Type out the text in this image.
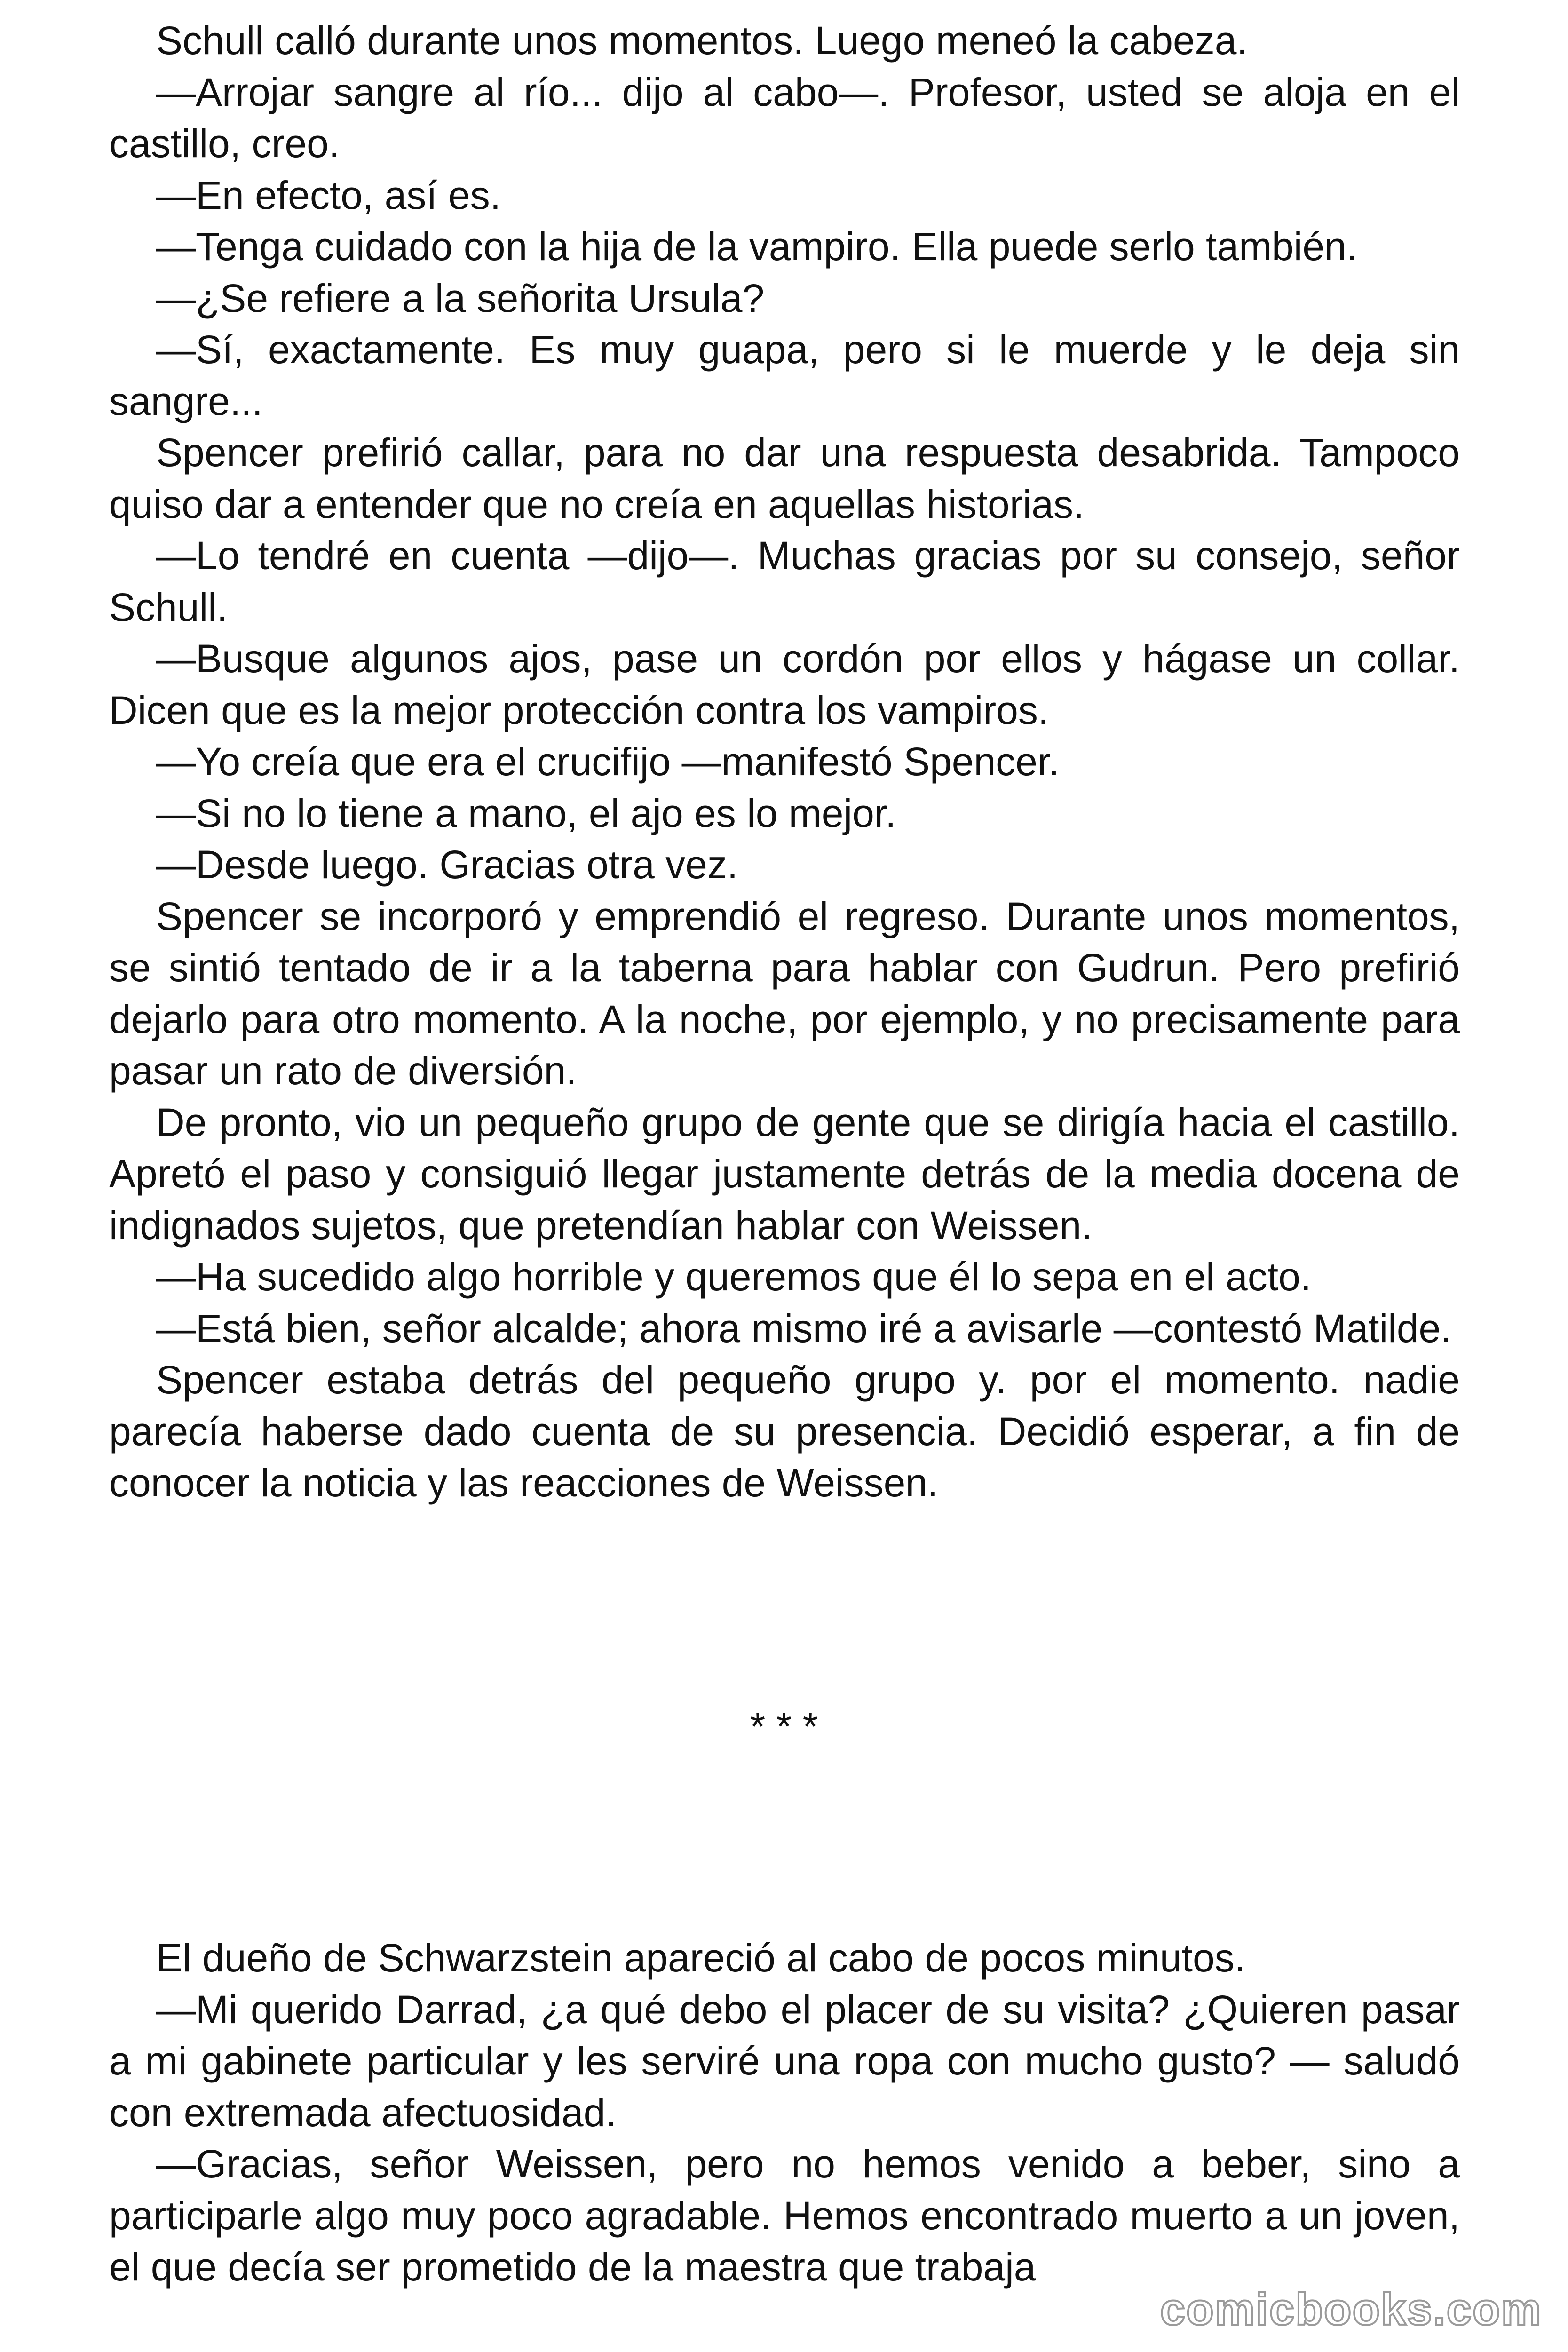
Schull calló durante unos momentos. Luego meneó la cabeza.

—Arrojar sangre al río... dijo al cabo—. Profesor, usted se aloja en el castillo, creo.

—En efecto, así es.

—Tenga cuidado con la hija de la vampiro. Ella puede serlo también.

—¿Se refiere a la señorita Ursula?

—Sí, exactamente. Es muy guapa, pero si le muerde y le deja sin sangre...

Spencer prefirió callar, para no dar una respuesta desabrida. Tampoco quiso dar a entender que no creía en aquellas historias.

—Lo tendré en cuenta —dijo—. Muchas gracias por su consejo, señor Schull.

—Busque algunos ajos, pase un cordón por ellos y hágase un collar. Dicen que es la mejor protección contra los vampiros.

—Yo creía que era el crucifijo —manifestó Spencer.

—Si no lo tiene a mano, el ajo es lo mejor.

—Desde luego. Gracias otra vez.

Spencer se incorporó y emprendió el regreso. Durante unos momentos, se sintió tentado de ir a la taberna para hablar con Gudrun. Pero prefirió dejarlo para otro momento. A la noche, por ejemplo, y no precisamente para pasar un rato de diversión.

De pronto, vio un pequeño grupo de gente que se dirigía hacia el castillo. Apretó el paso y consiguió llegar justamente detrás de la media docena de indignados sujetos, que pretendían hablar con Weissen.

—Ha sucedido algo horrible y queremos que él lo sepa en el acto.

—Está bien, señor alcalde; ahora mismo iré a avisarle —contestó Matilde.

Spencer estaba detrás del pequeño grupo y. por el momento. nadie parecía haberse dado cuenta de su presencia. Decidió esperar, a fin de conocer la noticia y las reacciones de Weissen.

* * *

El dueño de Schwarzstein apareció al cabo de pocos minutos.

—Mi querido Darrad, ¿a qué debo el placer de su visita? ¿Quieren pasar a mi gabinete particular y les serviré una ropa con mucho gusto? — saludó con extremada afectuosidad.

—Gracias, señor Weissen, pero no hemos venido a beber, sino a participarle algo muy poco agradable. Hemos encontrado muerto a un joven, el que decía ser prometido de la maestra que trabaja

comicbooks.com
